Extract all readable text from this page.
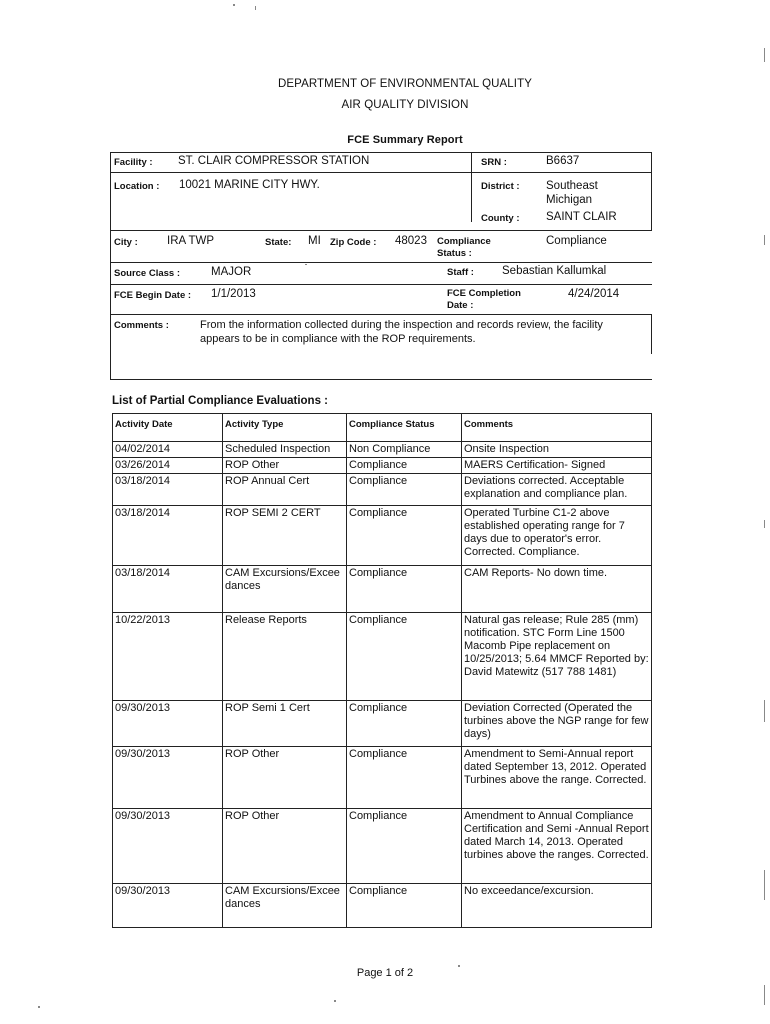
DEPARTMENT OF ENVIRONMENTAL QUALITY
AIR QUALITY DIVISION
FCE Summary Report
Facility : ST. CLAIR COMPRESSOR STATION	SRN :	B6637
Location : 10021 MARINE CITY HWY.	District : Southeast Michigan
County : SAINT CLAIR
City :	IRA TWP	State: MI Zip Code : 48023 Compliance Status :
Compliance
Source Class :	MAJOR	Staff : Sebastian Kallumkal
FCE Begin Date : 1/1/2013	FCE Completion Date :
4/24/2014
Comments :	From the information collected during the inspection and records review, the facility appears to be in compliance with the ROP requirements.
List of Partial Compliance Evaluations :
Activity Date	Activity Type	Compliance Status	Comments
04/02/2014	Scheduled Inspection	Non Compliance	Onsite Inspection
03/26/2014	ROP Other	Compliance	MAERS Certification- Signed
03/18/2014	ROP Annual Cert	Compliance	Deviations corrected. Acceptable explanation and compliance plan.
03/18/2014	ROP SEMI 2 CERT	Compliance	Operated Turbine C1-2 above established operating range for 7 days due to operator's error. Corrected. Compliance.
03/18/2014	CAM Excursions/Exceedances	Compliance	CAM Reports- No down time.
10/22/2013	Release Reports	Compliance	Natural gas release; Rule 285 (mm) notification. STC Form Line 1500 Macomb Pipe replacement on 10/25/2013; 5.64 MMCF Reported by: David Matewitz (517 788 1481)
09/30/2013	ROP Semi 1 Cert	Compliance	Deviation Corrected (Operated the turbines above the NGP range for few days)
09/30/2013	ROP Other	Compliance	Amendment to Semi-Annual report dated September 13, 2012. Operated Turbines above the range. Corrected.
09/30/2013	ROP Other	Compliance	Amendment to Annual Compliance Certification and Semi -Annual Report dated March 14, 2013. Operated turbines above the ranges. Corrected.
09/30/2013	CAM Excursions/Exceedances	Compliance	No exceedance/excursion.
Page 1 of 2
